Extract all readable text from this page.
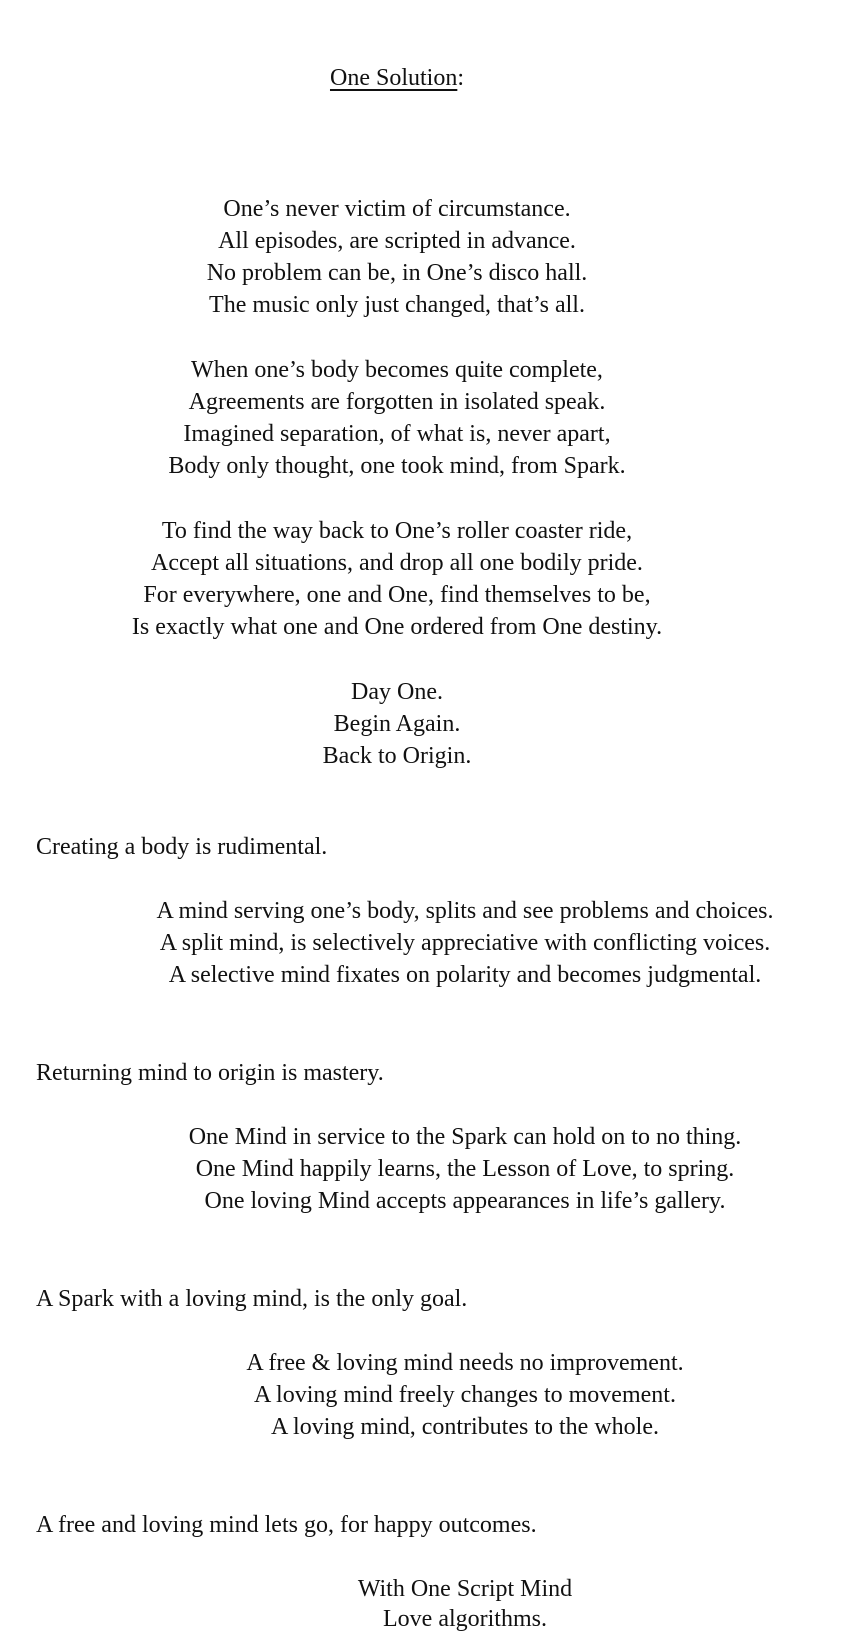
One Solution:

One’s never victim of circumstance.

All episodes, are scripted in advance.

No problem can be, in One’s disco hall.

The music only just changed, that’s all.

When one’s body becomes quite complete,

Agreements are forgotten in isolated speak.

Imagined separation, of what is, never apart,

Body only thought, one took mind, from Spark.

To find the way back to One’s roller coaster ride,

Accept all situations, and drop all one bodily pride.

For everywhere, one and One, find themselves to be,

Is exactly what one and One ordered from One destiny.

Day One.

Begin Again.

Back to Origin.

Creating a body is rudimental.

A mind serving one’s body, splits and see problems and choices.

A split mind, is selectively appreciative with conflicting voices.

A selective mind fixates on polarity and becomes judgmental.

Returning mind to origin is mastery.

One Mind in service to the Spark can hold on to no thing.

One Mind happily learns, the Lesson of Love, to spring.

One loving Mind accepts appearances in life’s gallery.

A Spark with a loving mind, is the only goal.

A free & loving mind needs no improvement.

A loving mind freely changes to movement.

A loving mind, contributes to the whole.

A free and loving mind lets go, for happy outcomes.

With One Script Mind

Love algorithms.
